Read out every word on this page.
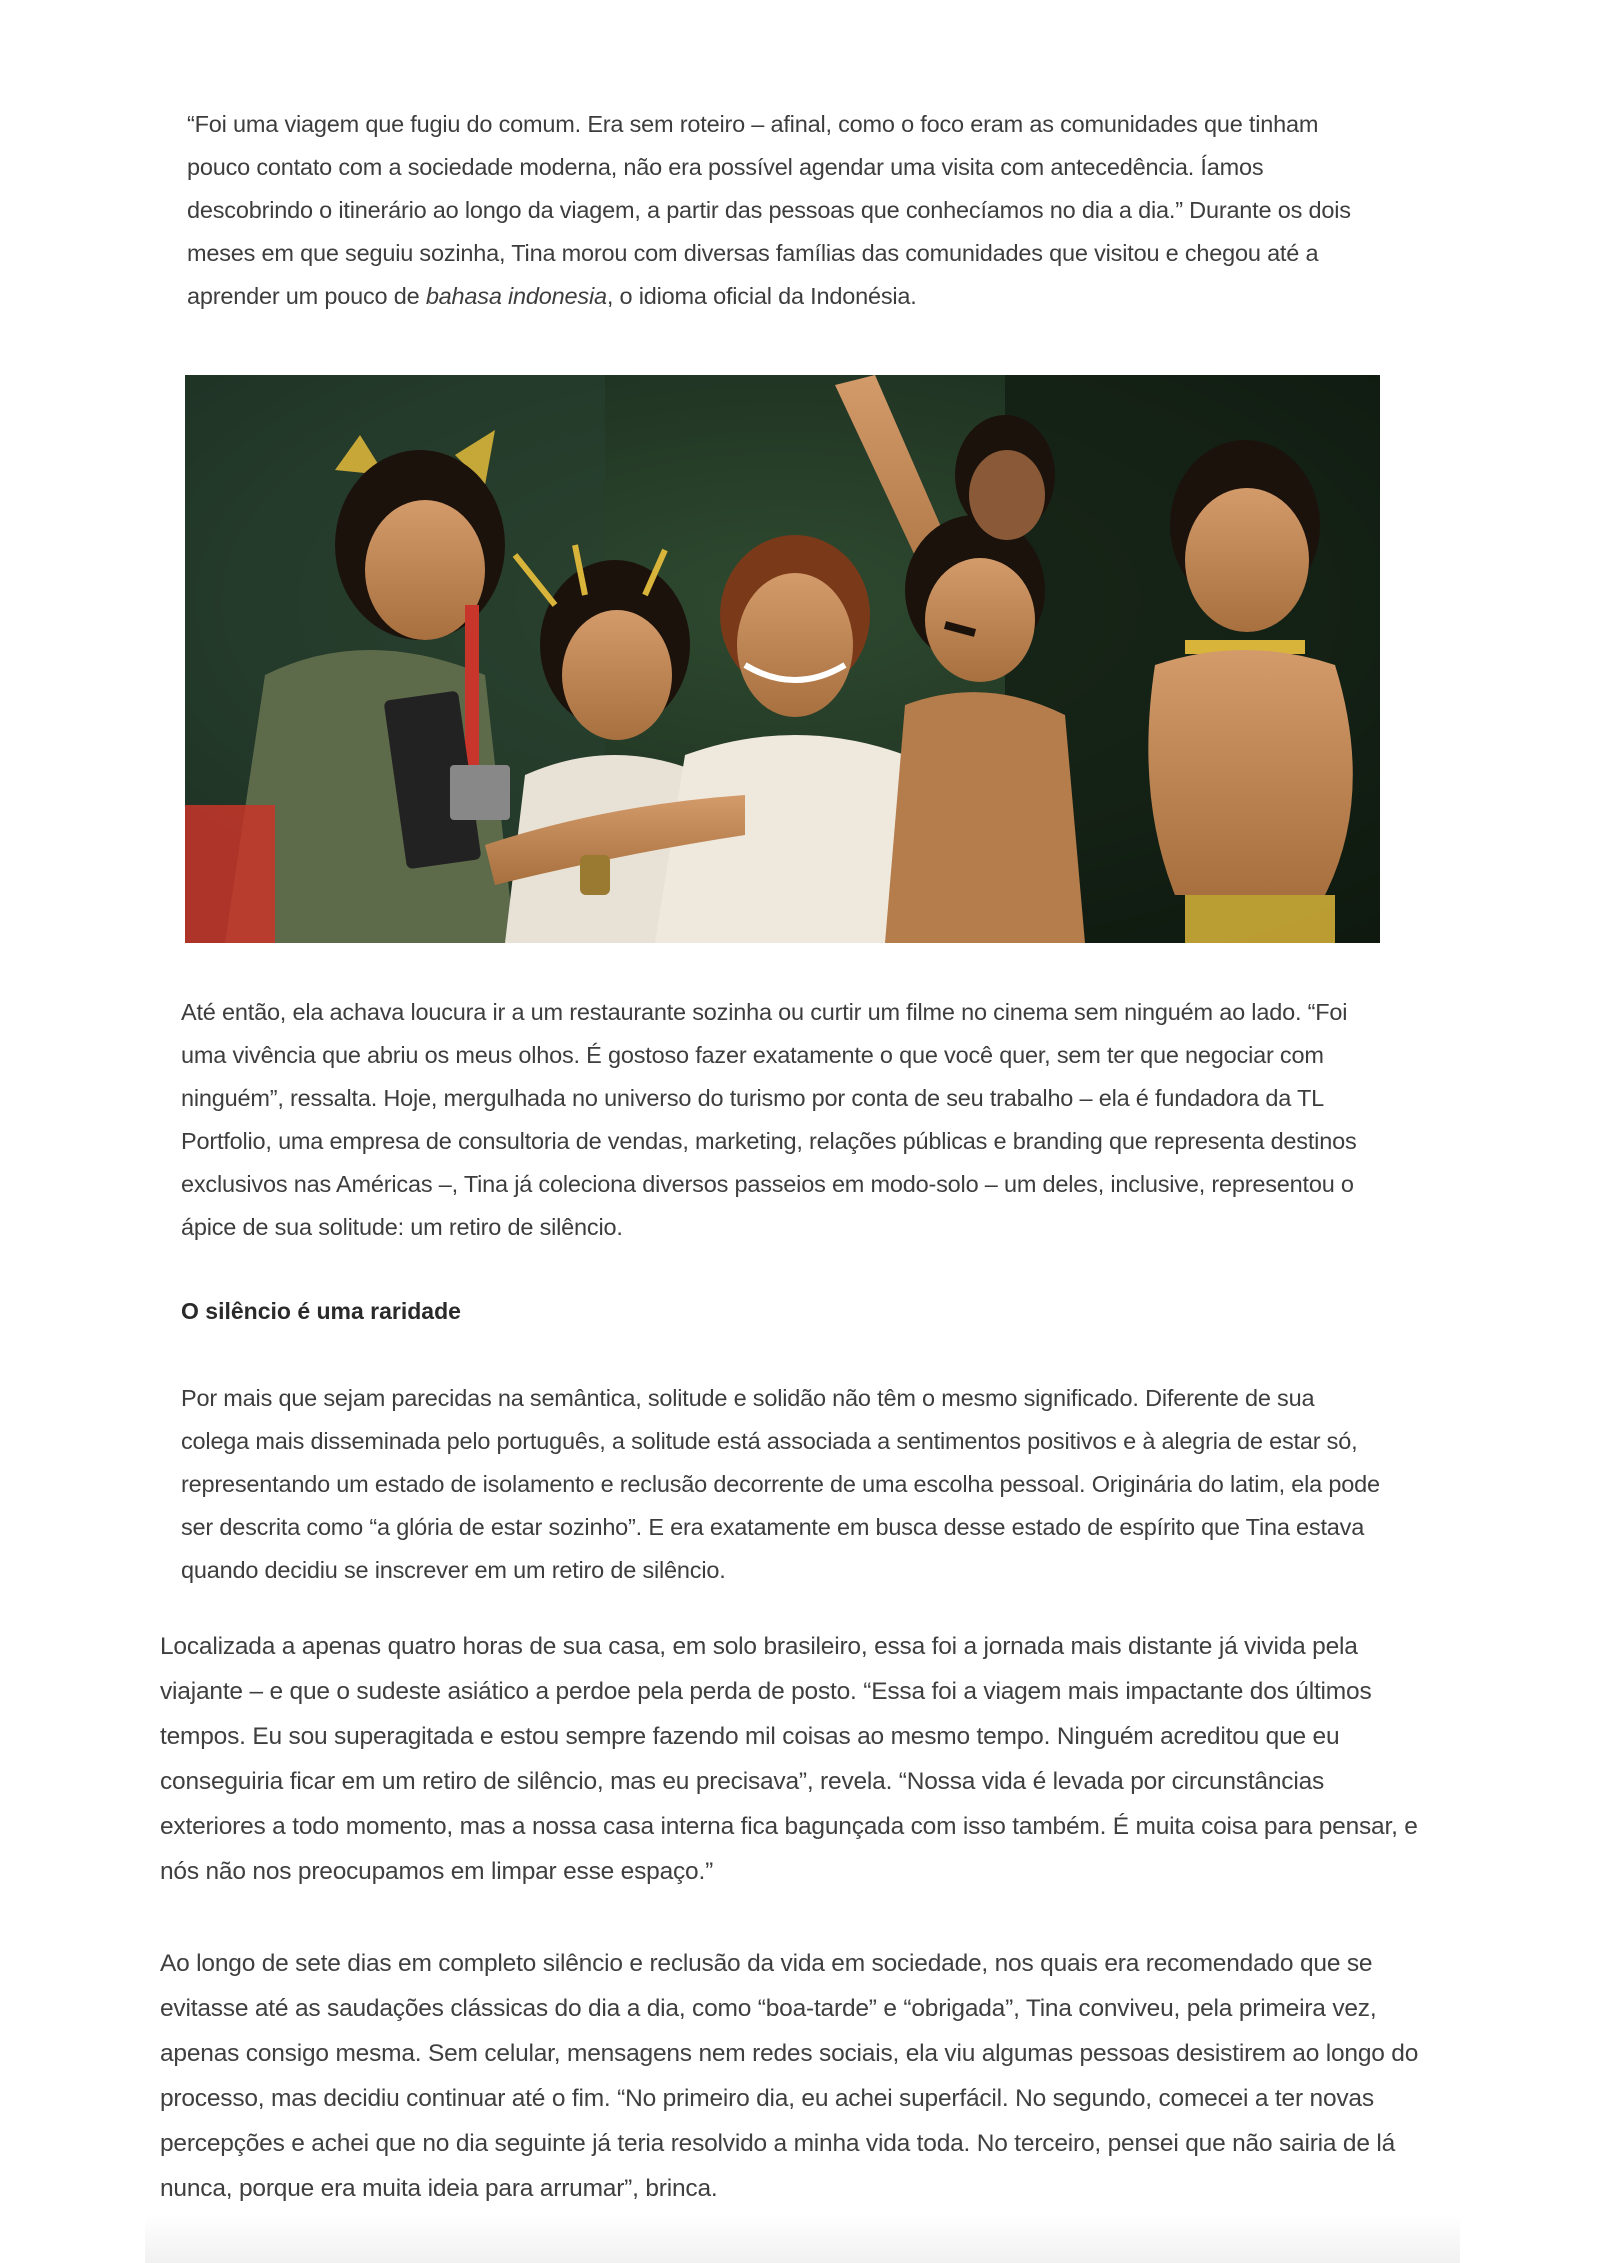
“Foi uma viagem que fugiu do comum. Era sem roteiro – afinal, como o foco eram as comunidades que tinham pouco contato com a sociedade moderna, não era possível agendar uma visita com antecedência. Íamos descobrindo o itinerário ao longo da viagem, a partir das pessoas que conhecíamos no dia a dia.” Durante os dois meses em que seguiu sozinha, Tina morou com diversas famílias das comunidades que visitou e chegou até a aprender um pouco de bahasa indonesia, o idioma oficial da Indonésia.

Até então, ela achava loucura ir a um restaurante sozinha ou curtir um filme no cinema sem ninguém ao lado. “Foi uma vivência que abriu os meus olhos. É gostoso fazer exatamente o que você quer, sem ter que negociar com ninguém”, ressalta. Hoje, mergulhada no universo do turismo por conta de seu trabalho – ela é fundadora da TL Portfolio, uma empresa de consultoria de vendas, marketing, relações públicas e branding que representa destinos exclusivos nas Américas –, Tina já coleciona diversos passeios em modo-solo – um deles, inclusive, representou o ápice de sua solitude: um retiro de silêncio.

O silêncio é uma raridade

Por mais que sejam parecidas na semântica, solitude e solidão não têm o mesmo significado. Diferente de sua colega mais disseminada pelo português, a solitude está associada a sentimentos positivos e à alegria de estar só, representando um estado de isolamento e reclusão decorrente de uma escolha pessoal. Originária do latim, ela pode ser descrita como “a glória de estar sozinho”. E era exatamente em busca desse estado de espírito que Tina estava quando decidiu se inscrever em um retiro de silêncio.

Localizada a apenas quatro horas de sua casa, em solo brasileiro, essa foi a jornada mais distante já vivida pela viajante – e que o sudeste asiático a perdoe pela perda de posto. “Essa foi a viagem mais impactante dos últimos tempos. Eu sou superagitada e estou sempre fazendo mil coisas ao mesmo tempo. Ninguém acreditou que eu conseguiria ficar em um retiro de silêncio, mas eu precisava”, revela. “Nossa vida é levada por circunstâncias exteriores a todo momento, mas a nossa casa interna fica bagunçada com isso também. É muita coisa para pensar, e nós não nos preocupamos em limpar esse espaço.”

Ao longo de sete dias em completo silêncio e reclusão da vida em sociedade, nos quais era recomendado que se evitasse até as saudações clássicas do dia a dia, como “boa-tarde” e “obrigada”, Tina conviveu, pela primeira vez, apenas consigo mesma. Sem celular, mensagens nem redes sociais, ela viu algumas pessoas desistirem ao longo do processo, mas decidiu continuar até o fim. “No primeiro dia, eu achei superfácil. No segundo, comecei a ter novas percepções e achei que no dia seguinte já teria resolvido a minha vida toda. No terceiro, pensei que não sairia de lá nunca, porque era muita ideia para arrumar”, brinca.
